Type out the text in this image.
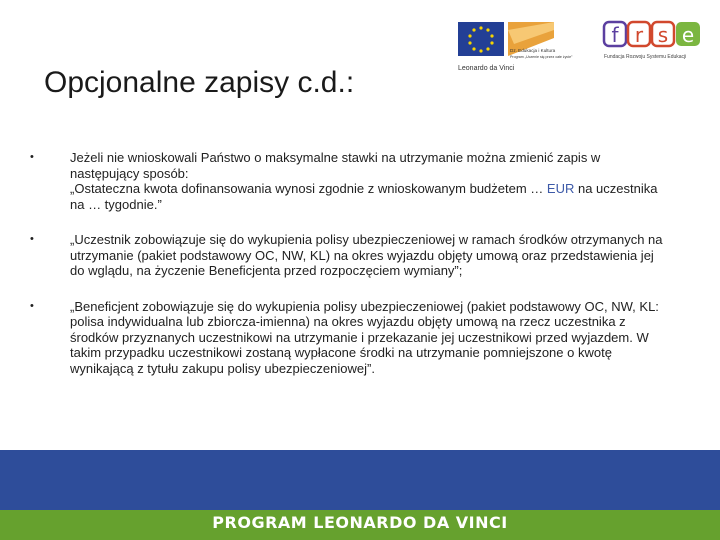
Opcjonalne zapisy c.d.:
Dz. Edukacja i Kultura
Program „Uczenie się przez całe życie”
Leonardo da Vinci
f r s e
Fundacja Rozwoju Systemu Edukacji
•	Jeżeli nie wnioskowali Państwo o maksymalne stawki na utrzymanie można zmienić zapis w następujący sposób:
„Ostateczna kwota dofinansowania wynosi zgodnie z wnioskowanym budżetem … EUR na uczestnika na … tygodnie.”
•	„Uczestnik zobowiązuje się do wykupienia polisy ubezpieczeniowej w ramach środków otrzymanych na utrzymanie (pakiet podstawowy OC, NW, KL) na okres wyjazdu objęty umową oraz przedstawienia jej do wglądu, na życzenie Beneficjenta przed rozpoczęciem wymiany”;
•	„Beneficjent zobowiązuje się do wykupienia polisy ubezpieczeniowej (pakiet podstawowy OC, NW, KL: polisa indywidualna lub zbiorcza-imienna) na okres wyjazdu objęty umową na rzecz uczestnika z środków przyznanych uczestnikowi na utrzymanie i przekazanie jej uczestnikowi przed wyjazdem. W takim przypadku uczestnikowi zostaną wypłacone środki na utrzymanie pomniejszone o kwotę wynikającą z tytułu zakupu polisy ubezpieczeniowej”.
PROGRAM LEONARDO DA VINCI
